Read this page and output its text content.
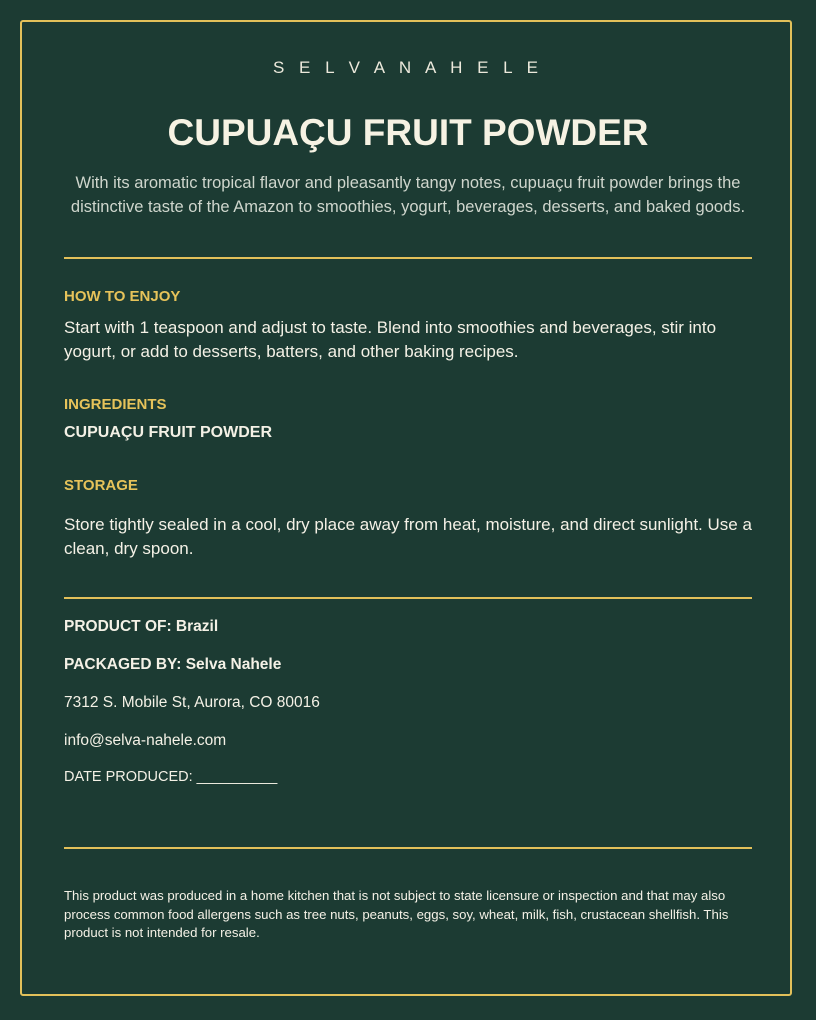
S E L V A N A H E L E
CUPUAÇU FRUIT POWDER

With its aromatic tropical flavor and pleasantly tangy notes, cupuaçu fruit powder brings the distinctive taste of the Amazon to smoothies, yogurt, beverages, desserts, and baked goods.

HOW TO ENJOY

Start with 1 teaspoon and adjust to taste. Blend into smoothies and beverages, stir into yogurt, or add to desserts, batters, and other baking recipes.

INGREDIENTS
CUPUAÇU FRUIT POWDER
STORAGE

Store tightly sealed in a cool, dry place away from heat, moisture, and direct sunlight. Use a clean, dry spoon.

PRODUCT OF: Brazil
PACKAGED BY: Selva Nahele
7312 S. Mobile St, Aurora, CO 80016
info@selva-nahele.com
DATE PRODUCED: __________

This product was produced in a home kitchen that is not subject to state licensure or inspection and that may also process common food allergens such as tree nuts, peanuts, eggs, soy, wheat, milk, fish, crustacean shellfish. This product is not intended for resale.
